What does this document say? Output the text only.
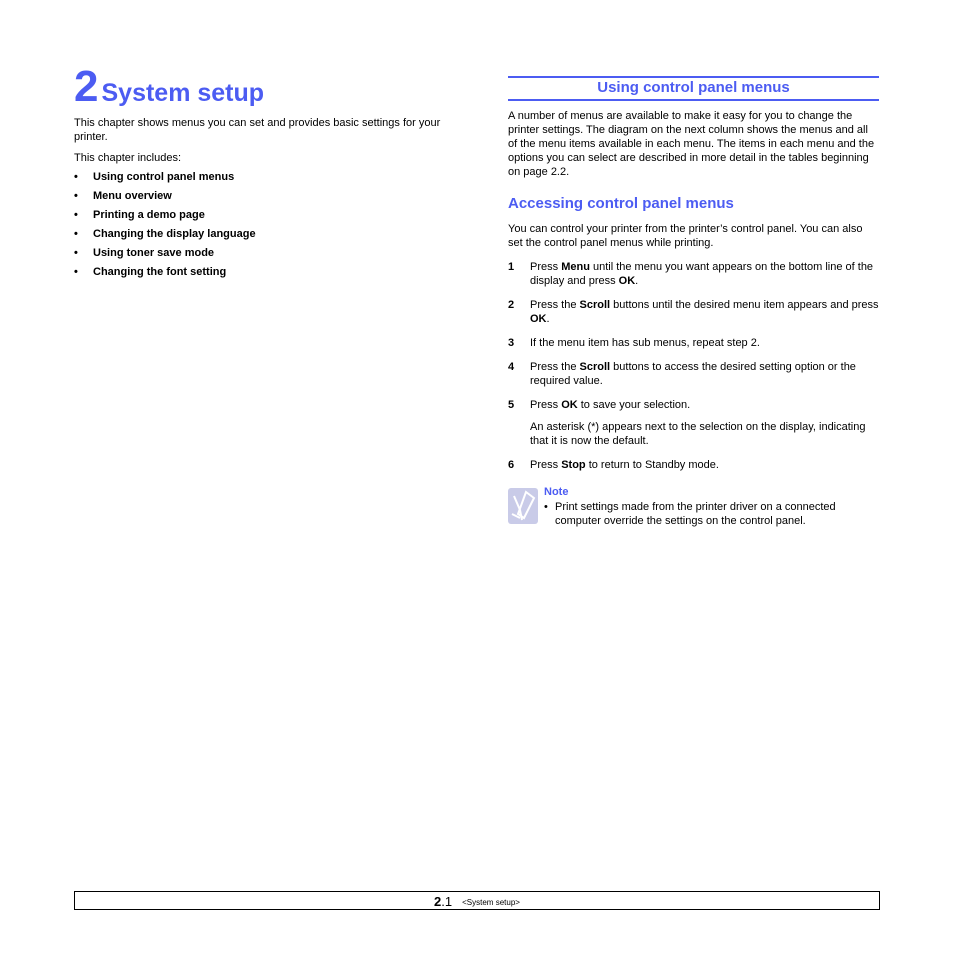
2 System setup
This chapter shows menus you can set and provides basic settings for your printer.
This chapter includes:
• Using control panel menus
• Menu overview
• Printing a demo page
• Changing the display language
• Using toner save mode
• Changing the font setting
Using control panel menus
A number of menus are available to make it easy for you to change the printer settings. The diagram on the next column shows the menus and all of the menu items available in each menu. The items in each menu and the options you can select are described in more detail in the tables beginning on page 2.2.
Accessing control panel menus
You can control your printer from the printer’s control panel. You can also set the control panel menus while printing.
1 Press Menu until the menu you want appears on the bottom line of the display and press OK.
2 Press the Scroll buttons until the desired menu item appears and press OK.
3 If the menu item has sub menus, repeat step 2.
4 Press the Scroll buttons to access the desired setting option or the required value.
5 Press OK to save your selection.
An asterisk (*) appears next to the selection on the display, indicating that it is now the default.
6 Press Stop to return to Standby mode.
Note
• Print settings made from the printer driver on a connected computer override the settings on the control panel.
2.1 <System setup>
